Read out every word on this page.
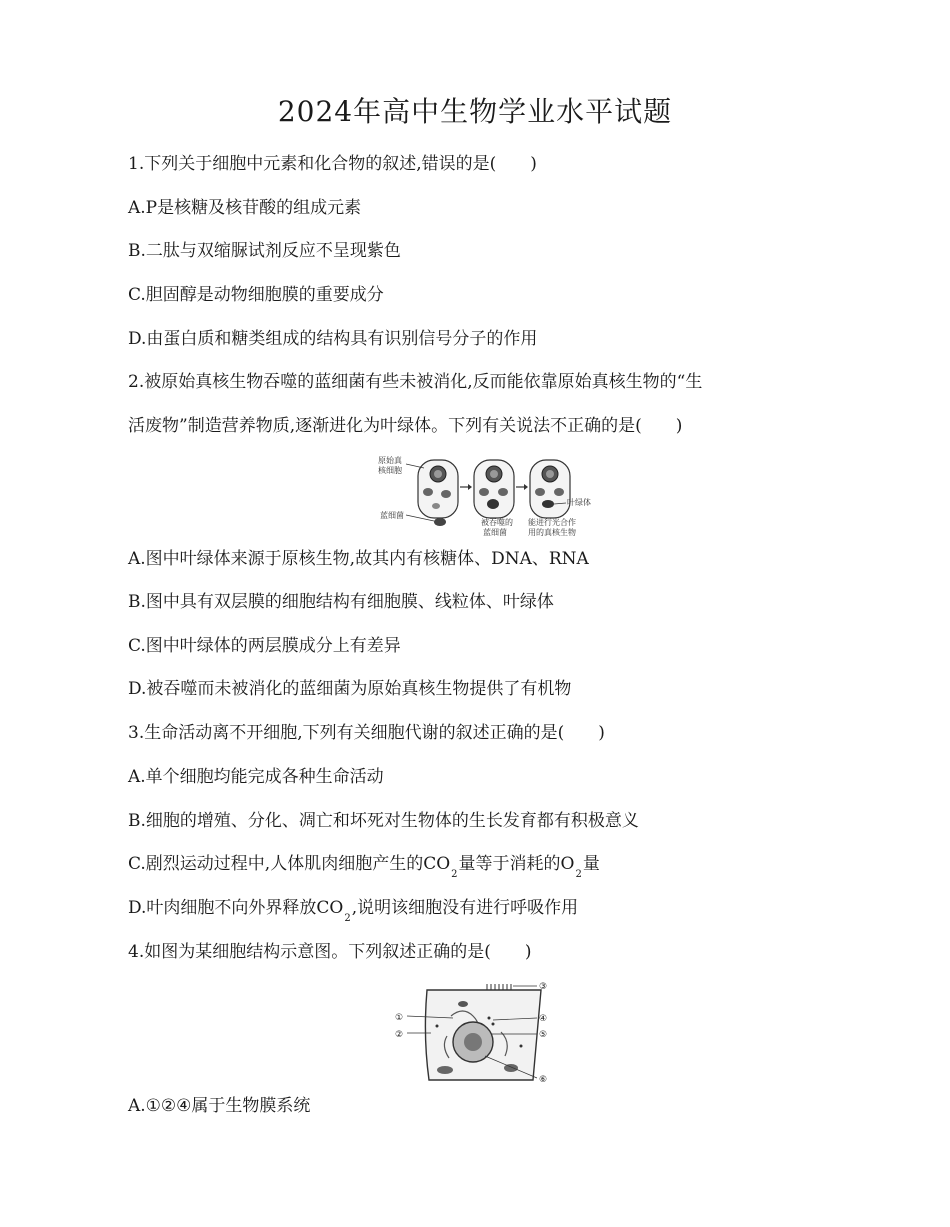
2024年高中生物学业水平试题
1.下列关于细胞中元素和化合物的叙述,错误的是(　　)
A.P是核糖及核苷酸的组成元素
B.二肽与双缩脲试剂反应不呈现紫色
C.胆固醇是动物细胞膜的重要成分
D.由蛋白质和糖类组成的结构具有识别信号分子的作用
2.被原始真核生物吞噬的蓝细菌有些未被消化,反而能依靠原始真核生物的“生
活废物”制造营养物质,逐渐进化为叶绿体。下列有关说法不正确的是(　　)
原始真
核细胞
蓝细菌
被吞噬的
蓝细菌
叶绿体
能进行光合作
用的真核生物
A.图中叶绿体来源于原核生物,故其内有核糖体、DNA、RNA
B.图中具有双层膜的细胞结构有细胞膜、线粒体、叶绿体
C.图中叶绿体的两层膜成分上有差异
D.被吞噬而未被消化的蓝细菌为原始真核生物提供了有机物
3.生命活动离不开细胞,下列有关细胞代谢的叙述正确的是(　　)
A.单个细胞均能完成各种生命活动
B.细胞的增殖、分化、凋亡和坏死对生物体的生长发育都有积极意义
C.剧烈运动过程中,人体肌肉细胞产生的$CO_2$量等于消耗的$O_2$量
D.叶肉细胞不向外界释放$CO_2$,说明该细胞没有进行呼吸作用
4.如图为某细胞结构示意图。下列叙述正确的是(　　)
①
②
③
④
⑤
⑥
A.①②④属于生物膜系统
